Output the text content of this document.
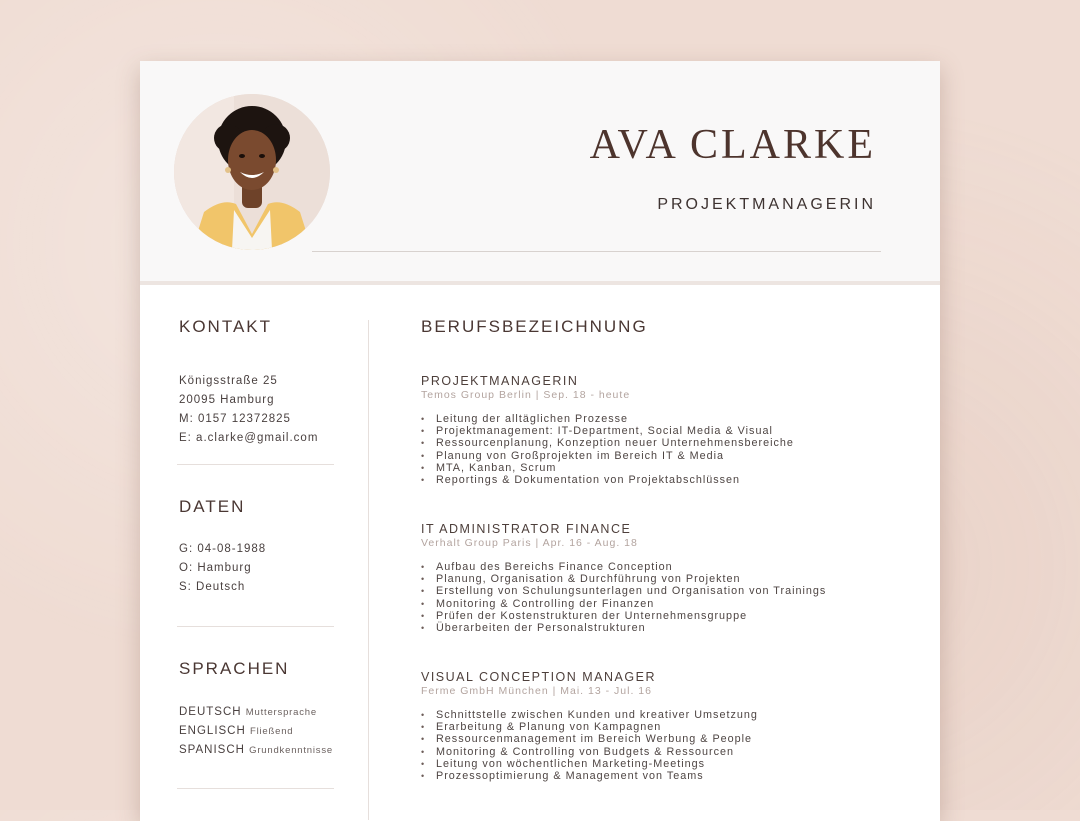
AVA CLARKE
PROJEKTMANAGERIN
KONTAKT
Königsstraße 25
20095 Hamburg
M: 0157 12372825
E: a.clarke@gmail.com
DATEN
G: 04-08-1988
O: Hamburg
S: Deutsch
SPRACHEN
DEUTSCH Muttersprache
ENGLISCH Fließend
SPANISCH Grundkenntnisse
BERUFSBEZEICHNUNG
PROJEKTMANAGERIN
Temos Group Berlin | Sep. 18 - heute
• Leitung der alltäglichen Prozesse
• Projektmanagement: IT-Department, Social Media & Visual
• Ressourcenplanung, Konzeption neuer Unternehmensbereiche
• Planung von Großprojekten im Bereich IT & Media
• MTA, Kanban, Scrum
• Reportings & Dokumentation von Projektabschlüssen
IT ADMINISTRATOR FINANCE
Verhalt Group Paris | Apr. 16 - Aug. 18
• Aufbau des Bereichs Finance Conception
• Planung, Organisation & Durchführung von Projekten
• Erstellung von Schulungsunterlagen und Organisation von Trainings
• Monitoring & Controlling der Finanzen
• Prüfen der Kostenstrukturen der Unternehmensgruppe
• Überarbeiten der Personalstrukturen
VISUAL CONCEPTION MANAGER
Ferme GmbH München | Mai. 13 - Jul. 16
• Schnittstelle zwischen Kunden und kreativer Umsetzung
• Erarbeitung & Planung von Kampagnen
• Ressourcenmanagement im Bereich Werbung & People
• Monitoring & Controlling von Budgets & Ressourcen
• Leitung von wöchentlichen Marketing-Meetings
• Prozessoptimierung & Management von Teams
